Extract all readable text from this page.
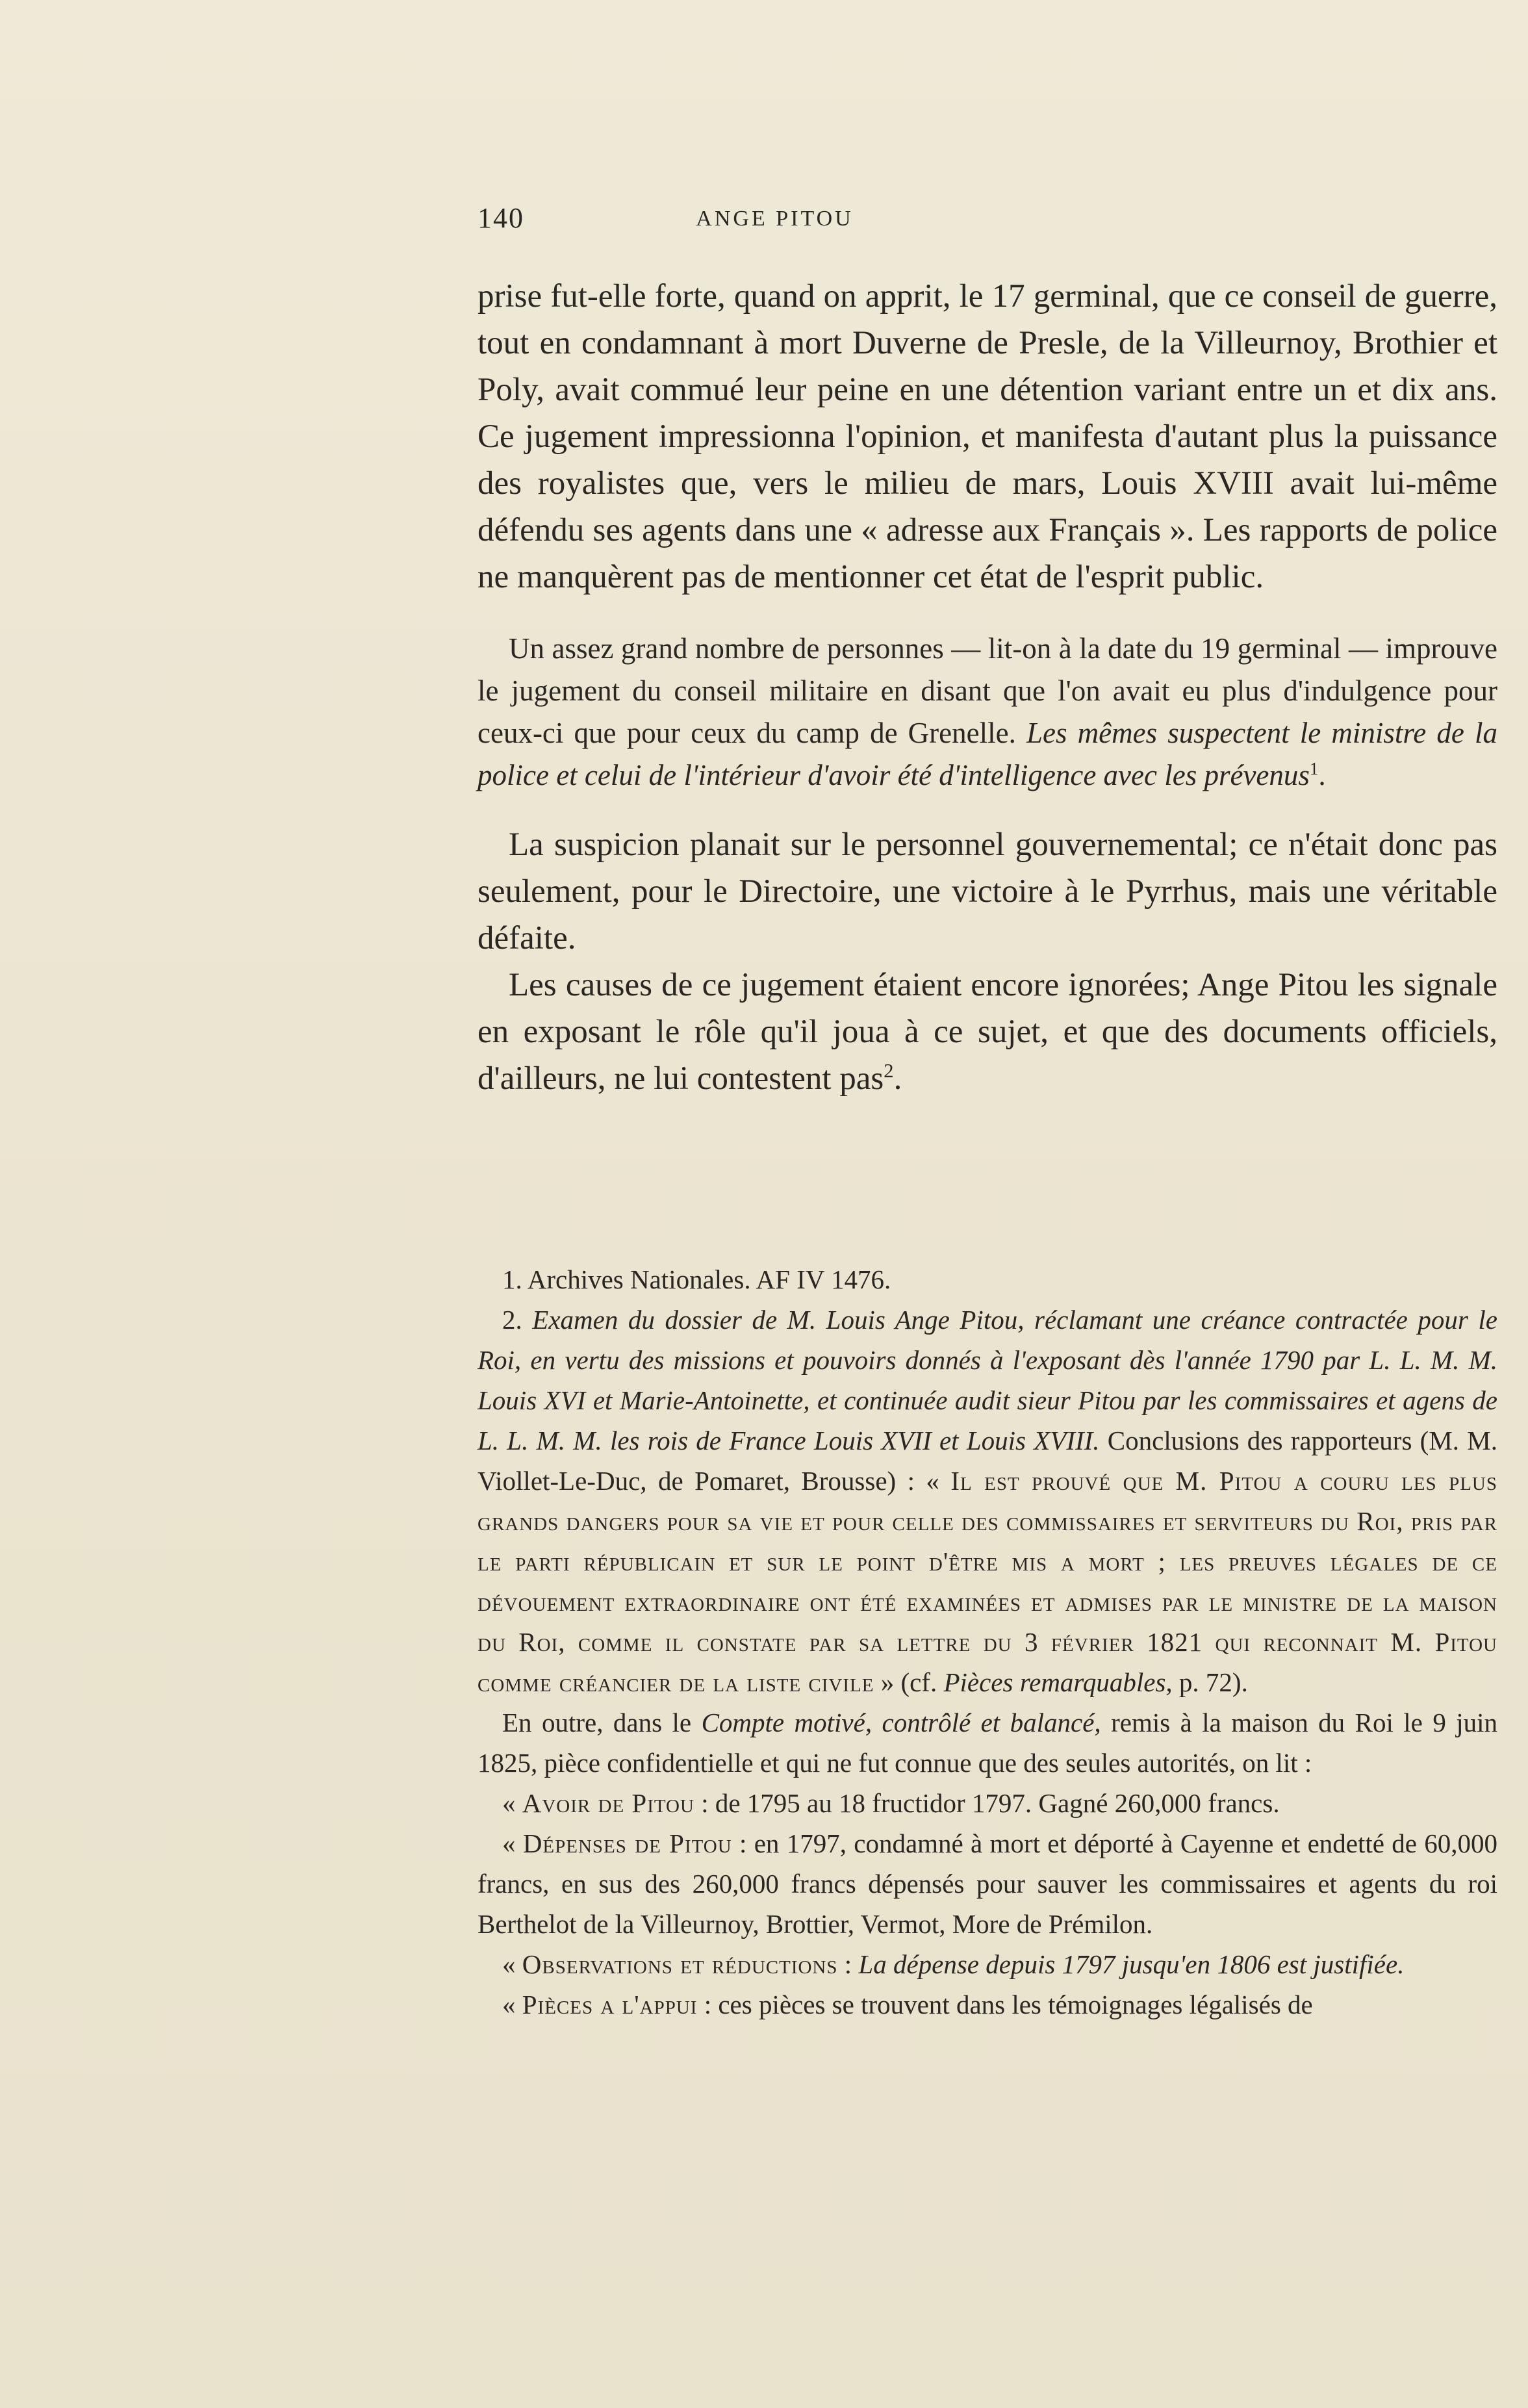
140	ANGE PITOU

prise fut-elle forte, quand on apprit, le 17 germinal, que ce conseil de guerre, tout en condamnant à mort Duverne de Presle, de la Villeurnoy, Brothier et Poly, avait commué leur peine en une détention variant entre un et dix ans. Ce jugement impressionna l'opinion, et manifesta d'autant plus la puissance des royalistes que, vers le milieu de mars, Louis XVIII avait lui-même défendu ses agents dans une « adresse aux Français ». Les rapports de police ne manquèrent pas de mentionner cet état de l'esprit public.

Un assez grand nombre de personnes — lit-on à la date du 19 germinal — improuve le jugement du conseil militaire en disant que l'on avait eu plus d'indulgence pour ceux-ci que pour ceux du camp de Grenelle. Les mêmes suspectent le ministre de la police et celui de l'intérieur d'avoir été d'intelligence avec les prévenus$^1$.

La suspicion planait sur le personnel gouvernemental; ce n'était donc pas seulement, pour le Directoire, une victoire à le Pyrrhus, mais une véritable défaite.

Les causes de ce jugement étaient encore ignorées; Ange Pitou les signale en exposant le rôle qu'il joua à ce sujet, et que des documents officiels, d'ailleurs, ne lui contestent pas$^2$.

1. Archives Nationales. AF IV 1476.

2. Examen du dossier de M. Louis Ange Pitou, réclamant une créance contractée pour le Roi, en vertu des missions et pouvoirs donnés à l'exposant dès l'année 1790 par L. L. M. M. Louis XVI et Marie-Antoinette, et continuée audit sieur Pitou par les commissaires et agens de L. L. M. M. les rois de France Louis XVII et Louis XVIII. Conclusions des rapporteurs (M. M. Viollet-Le-Duc, de Pomaret, Brousse) : « Il est prouvé que M. Pitou a couru les plus grands dangers pour sa vie et pour celle des commissaires et serviteurs du Roi, pris par le parti républicain et sur le point d'être mis a mort ; les preuves légales de ce dévouement extraordinaire ont été examinées et admises par le ministre de la maison du Roi, comme il constate par sa lettre du 3 février 1821 qui reconnait M. Pitou comme créancier de la liste civile » (cf. Pièces remarquables, p. 72).

En outre, dans le Compte motivé, contrôlé et balancé, remis à la maison du Roi le 9 juin 1825, pièce confidentielle et qui ne fut connue que des seules autorités, on lit :

« Avoir de Pitou : de 1795 au 18 fructidor 1797. Gagné 260,000 francs.

« Dépenses de Pitou : en 1797, condamné à mort et déporté à Cayenne et endetté de 60,000 francs, en sus des 260,000 francs dépensés pour sauver les commissaires et agents du roi Berthelot de la Villeurnoy, Brottier, Vermot, More de Prémilon.

« Observations et réductions : La dépense depuis 1797 jusqu'en 1806 est justifiée.

« Pièces a l'appui : ces pièces se trouvent dans les témoignages légalisés de
